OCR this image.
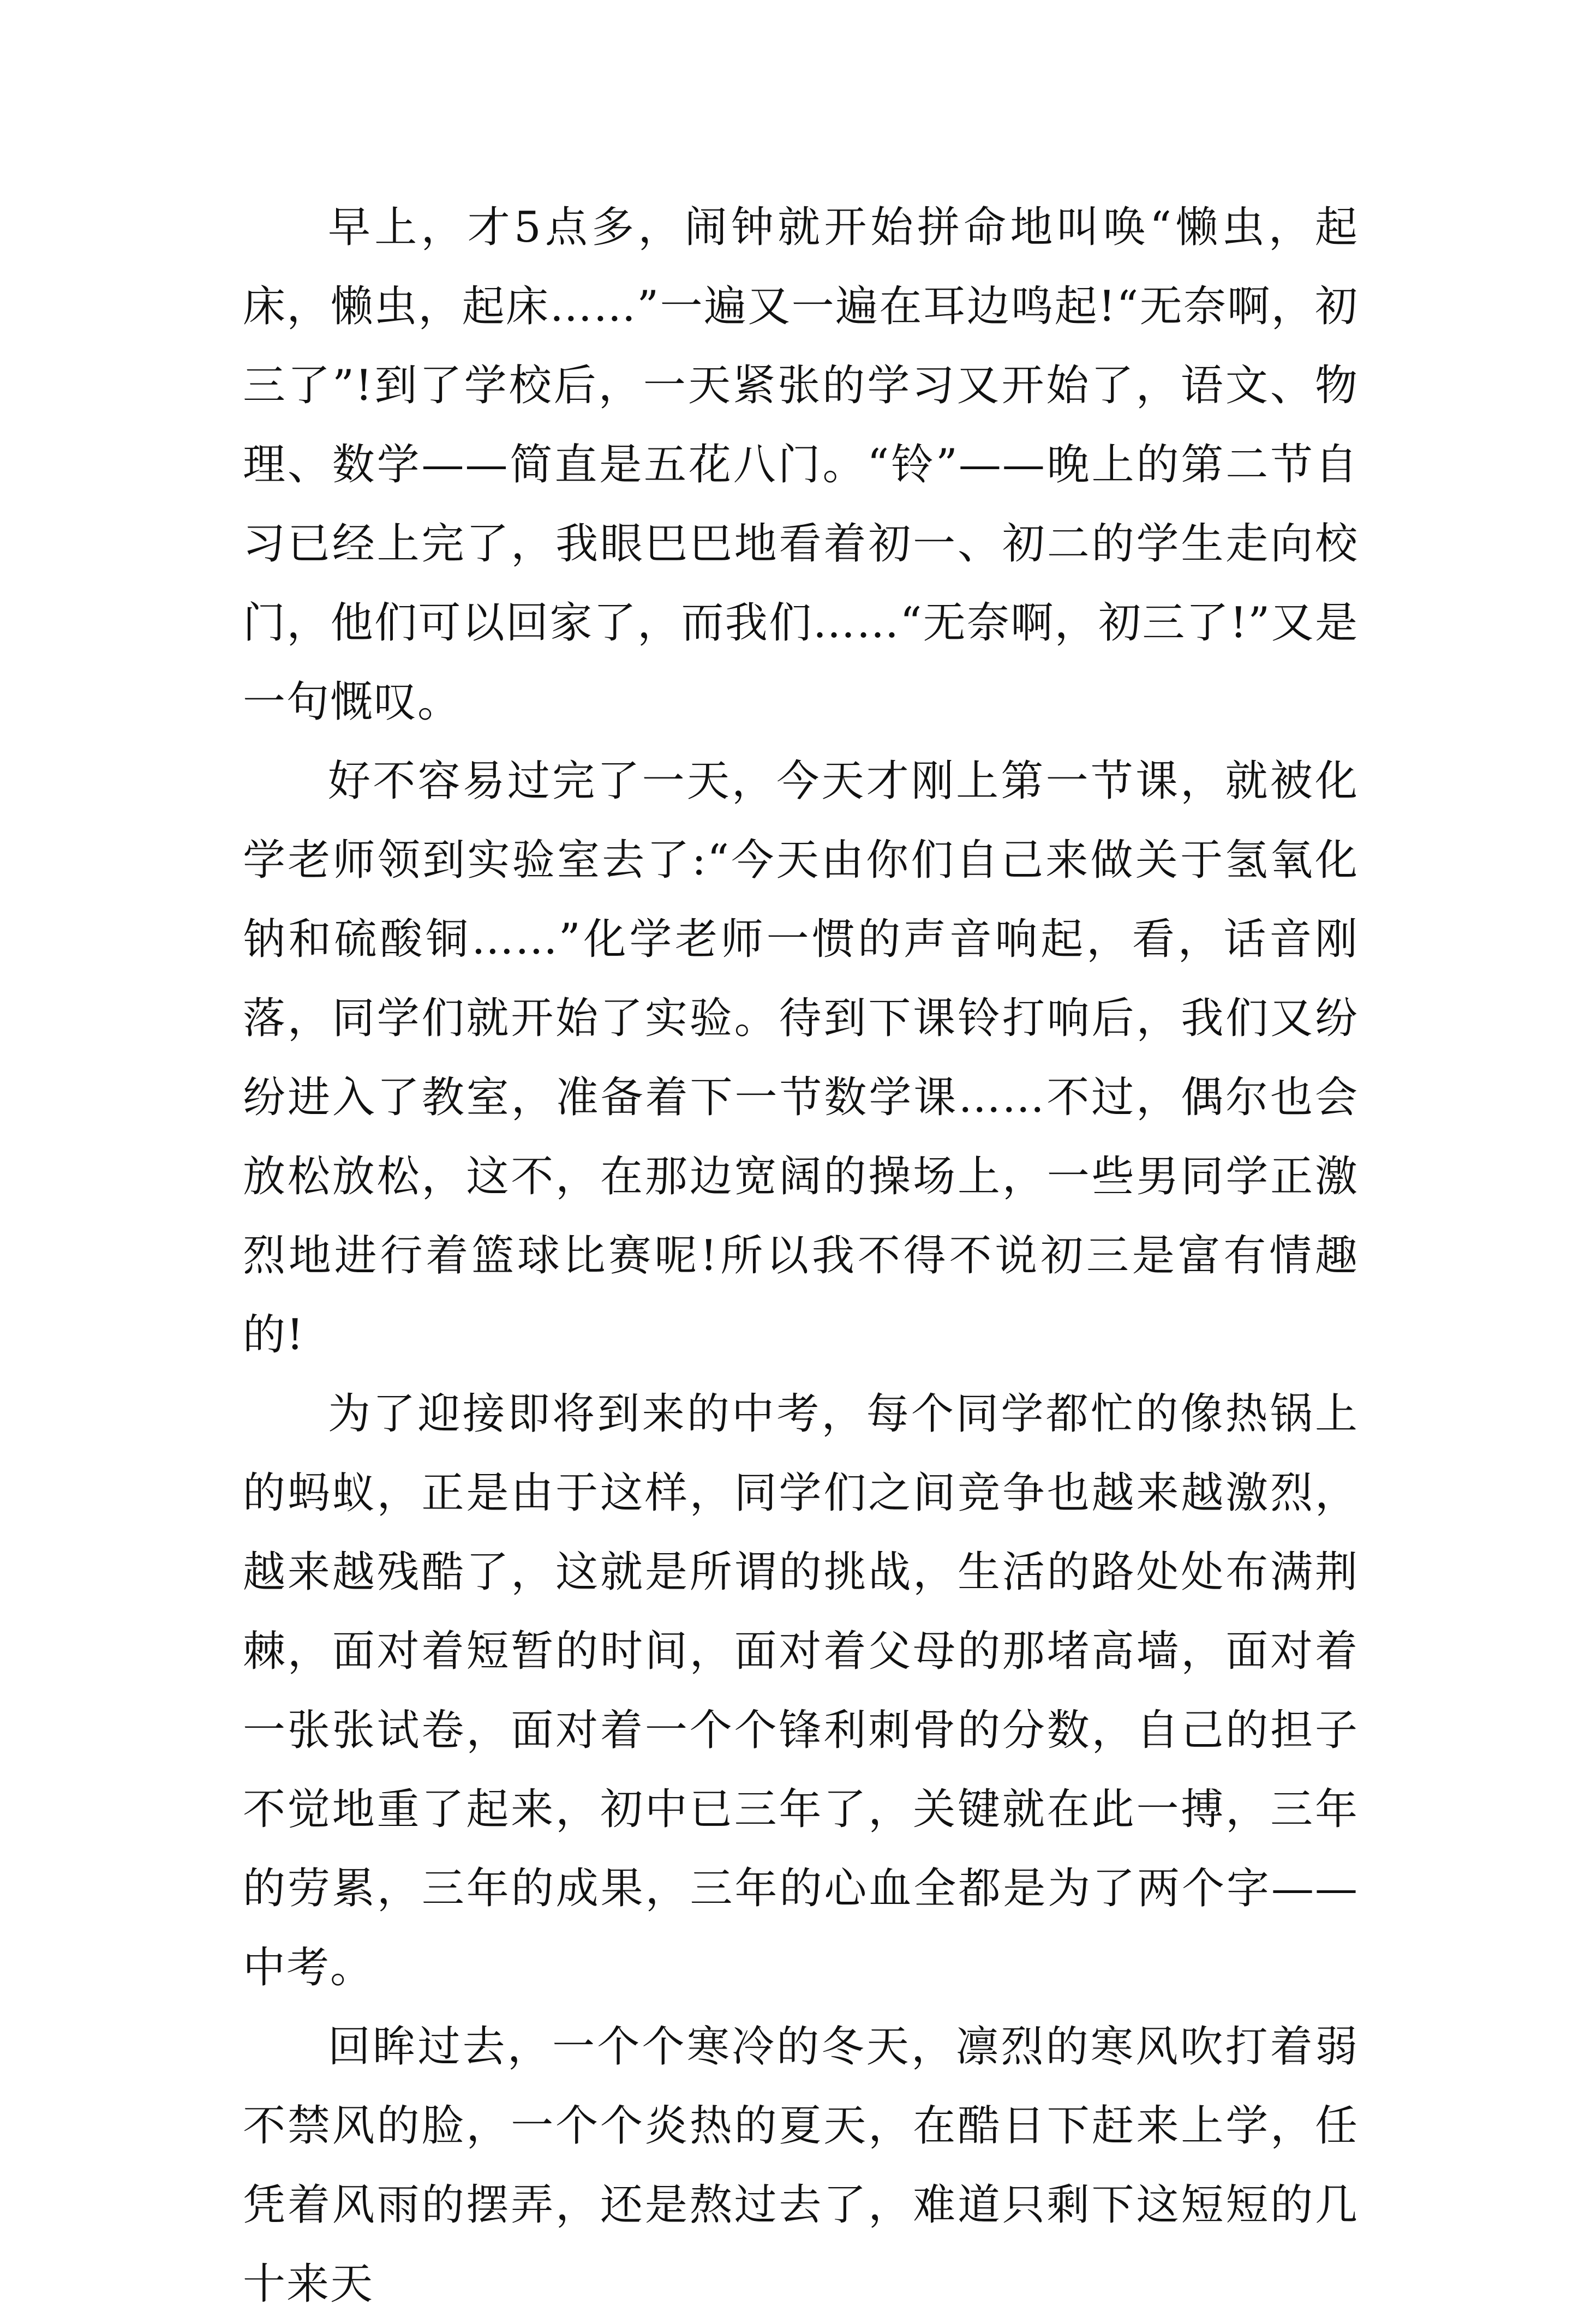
早上，才5点多，闹钟就开始拼命地叫唤“懒虫，起床，懒虫，起床……”一遍又一遍在耳边鸣起!“无奈啊，初三了”!到了学校后，一天紧张的学习又开始了，语文、物理、数学——简直是五花八门。“铃”——晚上的第二节自习已经上完了，我眼巴巴地看着初一、初二的学生走向校门，他们可以回家了，而我们……“无奈啊，初三了!”又是一句慨叹。

好不容易过完了一天，今天才刚上第一节课，就被化学老师领到实验室去了:“今天由你们自己来做关于氢氧化钠和硫酸铜……”化学老师一惯的声音响起，看，话音刚落，同学们就开始了实验。待到下课铃打响后，我们又纷纷进入了教室，准备着下一节数学课……不过，偶尔也会放松放松，这不，在那边宽阔的操场上，一些男同学正激烈地进行着篮球比赛呢!所以我不得不说初三是富有情趣的!

为了迎接即将到来的中考，每个同学都忙的像热锅上的蚂蚁，正是由于这样，同学们之间竞争也越来越激烈，越来越残酷了，这就是所谓的挑战，生活的路处处布满荆棘，面对着短暂的时间，面对着父母的那堵高墙，面对着一张张试卷，面对着一个个锋利刺骨的分数，自己的担子不觉地重了起来，初中已三年了，关键就在此一搏，三年的劳累，三年的成果，三年的心血全都是为了两个字——中考。

回眸过去，一个个寒冷的冬天，凛烈的寒风吹打着弱不禁风的脸，一个个炎热的夏天，在酷日下赶来上学，任凭着风雨的摆弄，还是熬过去了，难道只剩下这短短的几十来天
